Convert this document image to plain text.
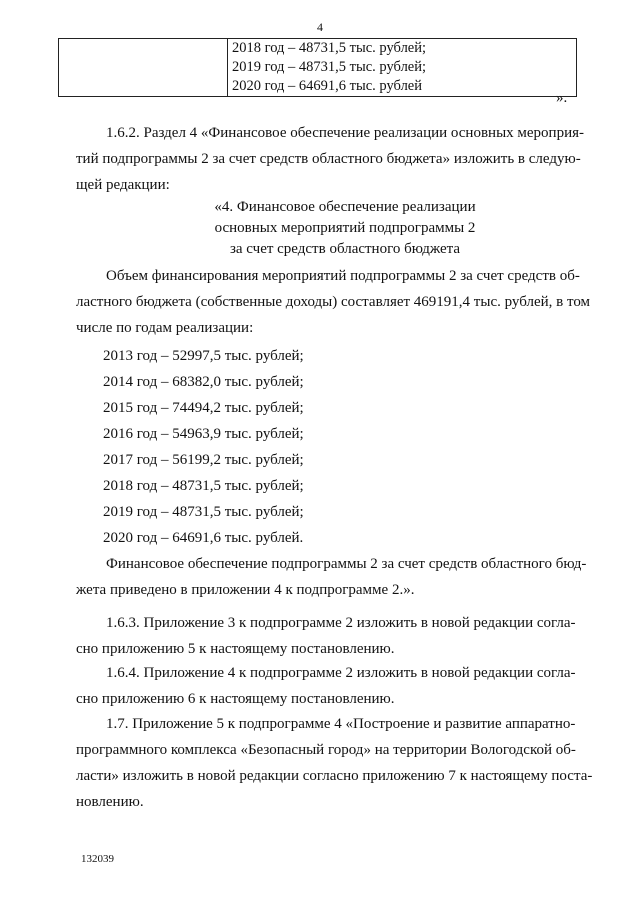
4

2018 год – 48731,5 тыс. рублей;
2019 год – 48731,5 тыс. рублей;
2020 год – 64691,6 тыс. рублей
».
1.6.2. Раздел 4 «Финансовое обеспечение реализации основных мероприя-
тий подпрограммы 2 за счет средств областного бюджета» изложить в следую-
щей редакции:
«4. Финансовое обеспечение реализации
основных мероприятий подпрограммы 2
за счет средств областного бюджета
Объем финансирования мероприятий подпрограммы 2 за счет средств об-
ластного бюджета (собственные доходы) составляет 469191,4 тыс. рублей, в том
числе по годам реализации:
2013 год – 52997,5 тыс. рублей;
2014 год – 68382,0 тыс. рублей;
2015 год – 74494,2 тыс. рублей;
2016 год – 54963,9 тыс. рублей;
2017 год – 56199,2 тыс. рублей;
2018 год – 48731,5 тыс. рублей;
2019 год – 48731,5 тыс. рублей;
2020 год – 64691,6 тыс. рублей.
Финансовое обеспечение подпрограммы 2 за счет средств областного бюд-
жета приведено в приложении 4 к подпрограмме 2.».
1.6.3. Приложение 3 к подпрограмме 2 изложить в новой редакции согла-
сно приложению 5 к настоящему постановлению.
1.6.4. Приложение 4 к подпрограмме 2 изложить в новой редакции согла-
сно приложению 6 к настоящему постановлению.
1.7. Приложение 5 к подпрограмме 4 «Построение и развитие аппаратно-
программного комплекса «Безопасный город» на территории Вологодской об-
ласти» изложить в новой редакции согласно приложению 7 к настоящему поста-
новлению.
132039
